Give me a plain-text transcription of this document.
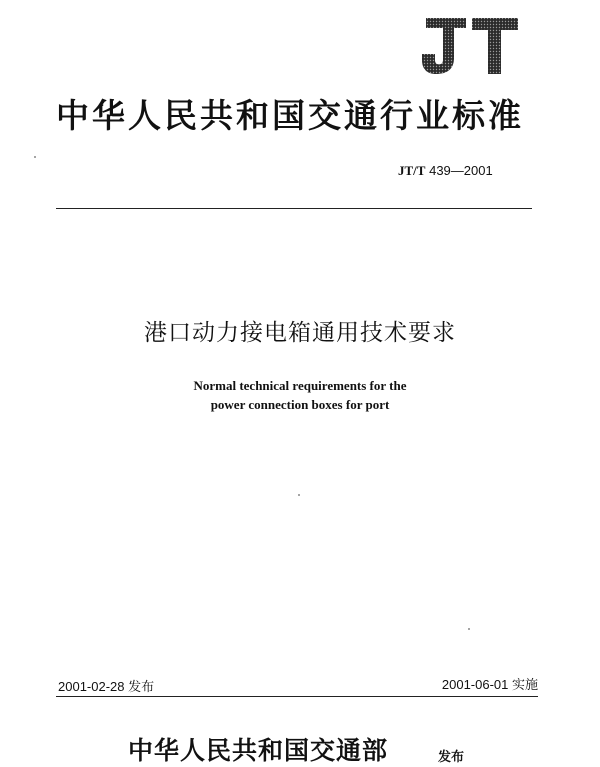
中华人民共和国交通行业标准
JT/T 439—2001
港口动力接电箱通用技术要求
Normal technical requirements for the
power connection boxes for port
2001-02-28 发布	2001-06-01 实施
中华人民共和国交通部	发布
